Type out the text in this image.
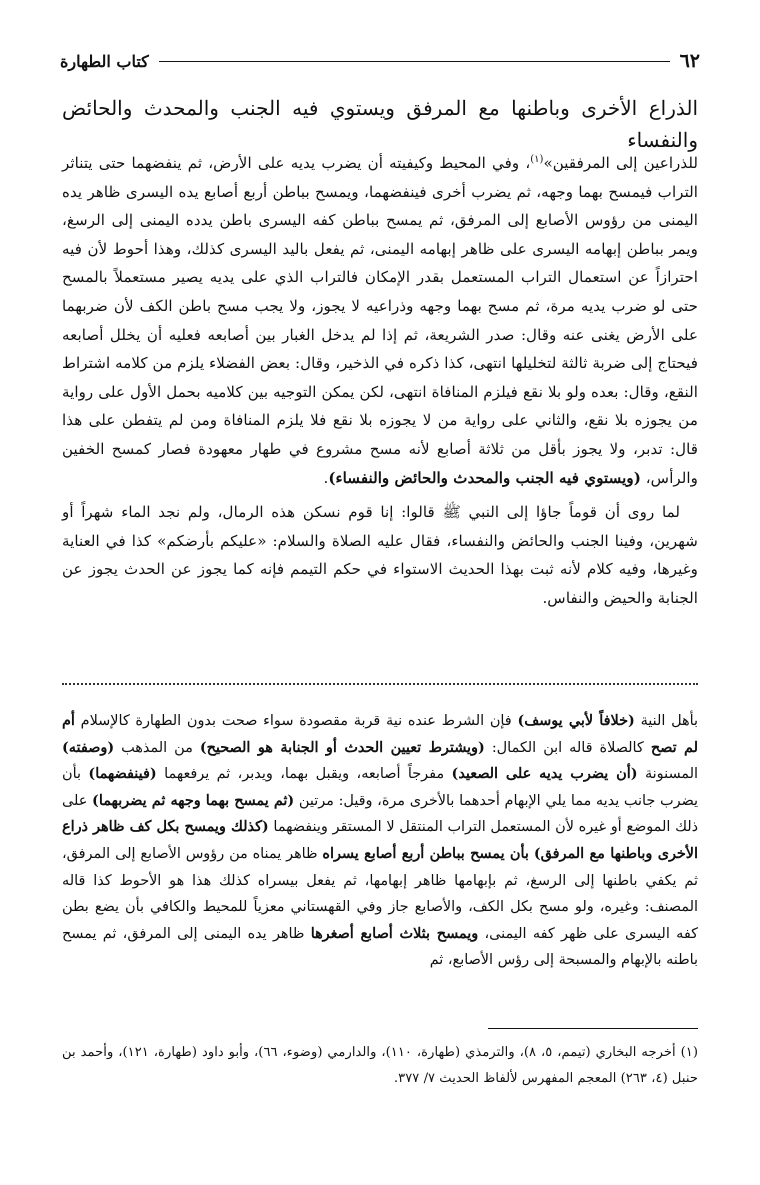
٦٢
كتاب الطهارة
الذراع الأخرى وباطنها مع المرفق ويستوي فيه الجنب والمحدث والحائض والنفساء

للذراعين إلى المرفقين»$^{(١)}$، وفي المحيط وكيفيته أن يضرب يديه على الأرض، ثم ينفضهما حتى يتناثر التراب فيمسح بهما وجهه، ثم يضرب أخرى فينفضهما، ويمسح بباطن أربع أصابع يده اليسرى ظاهر يده اليمنى من رؤوس الأصابع إلى المرفق، ثم يمسح بباطن كفه اليسرى باطن يدده اليمنى إلى الرسغ، ويمر بباطن إبهامه اليسرى على ظاهر إبهامه اليمنى، ثم يفعل باليد اليسرى كذلك، وهذا أحوط لأن فيه احترازاً عن استعمال التراب المستعمل بقدر الإمكان فالتراب الذي على يديه يصير مستعملاً بالمسح حتى لو ضرب يديه مرة، ثم مسح بهما وجهه وذراعيه لا يجوز، ولا يجب مسح باطن الكف لأن ضربهما على الأرض يغنى عنه وقال: صدر الشريعة، ثم إذا لم يدخل الغبار بين أصابعه فعليه أن يخلل أصابعه فيحتاج إلى ضربة ثالثة لتخليلها انتهى، كذا ذكره في الذخير، وقال: بعض الفضلاء يلزم من كلامه اشتراط النقع، وقال: بعده ولو بلا نقع فيلزم المنافاة انتهى، لكن يمكن التوجيه بين كلاميه بحمل الأول على رواية من يجوزه بلا نقع، والثاني على رواية من لا يجوزه بلا نقع فلا يلزم المنافاة ومن لم يتفطن على هذا قال: تدبر، ولا يجوز بأقل من ثلاثة أصابع لأنه مسح مشروع في طهار معهودة فصار كمسح الخفين والرأس، (ويستوي فيه الجنب والمحدث والحائض والنفساء).

لما روى أن قوماً جاؤا إلى النبي ﷺ قالوا: إنا قوم نسكن هذه الرمال، ولم نجد الماء شهراً أو شهرين، وفينا الجنب والحائض والنفساء، فقال عليه الصلاة والسلام: «عليكم بأرضكم» كذا في العناية وغيرها، وفيه كلام لأنه ثبت بهذا الحديث الاستواء في حكم التيمم فإنه كما يجوز عن الحدث يجوز عن الجنابة والحيض والنفاس.

بأهل النية (خلافاً لأبي يوسف) فإن الشرط عنده نية قربة مقصودة سواء صحت بدون الطهارة كالإسلام أم لم تصح كالصلاة قاله ابن الكمال: (ويشترط تعيين الحدث أو الجنابة هو الصحيح) من المذهب (وصفته) المسنونة (أن يضرب يديه على الصعيد) مفرجاً أصابعه، ويقبل بهما، ويدبر، ثم يرفعهما (فينفضهما) بأن يضرب جانب يديه مما يلي الإبهام أحدهما بالأخرى مرة، وقيل: مرتين (ثم يمسح بهما وجهه ثم يضربهما) على ذلك الموضع أو غيره لأن المستعمل التراب المنتقل لا المستقر وينفضهما (كذلك ويمسح بكل كف ظاهر ذراع الأخرى وباطنها مع المرفق) بأن يمسح بباطن أربع أصابع يسراه ظاهر يمناه من رؤوس الأصابع إلى المرفق، ثم يكفي باطنها إلى الرسغ، ثم بإبهامها ظاهر إبهامها، ثم يفعل بيسراه كذلك هذا هو الأحوط كذا قاله المصنف: وغيره، ولو مسح بكل الكف، والأصابع جاز وفي القهستاني معزياً للمحيط والكافي بأن يضع بطن كفه اليسرى على ظهر كفه اليمنى، ويمسح بثلاث أصابع أصغرها ظاهر يده اليمنى إلى المرفق، ثم يمسح باطنه بالإبهام والمسبحة إلى رؤس الأصابع، ثم

(١) أخرجه البخاري (تيمم، ٥، ٨)، والترمذي (طهارة، ١١٠)، والدارمي (وضوء، ٦٦)، وأبو داود (طهارة، ١٢١)، وأحمد بن حنبل (٤، ٢٦٣) المعجم المفهرس لألفاظ الحديث ٧/ ٣٧٧.
